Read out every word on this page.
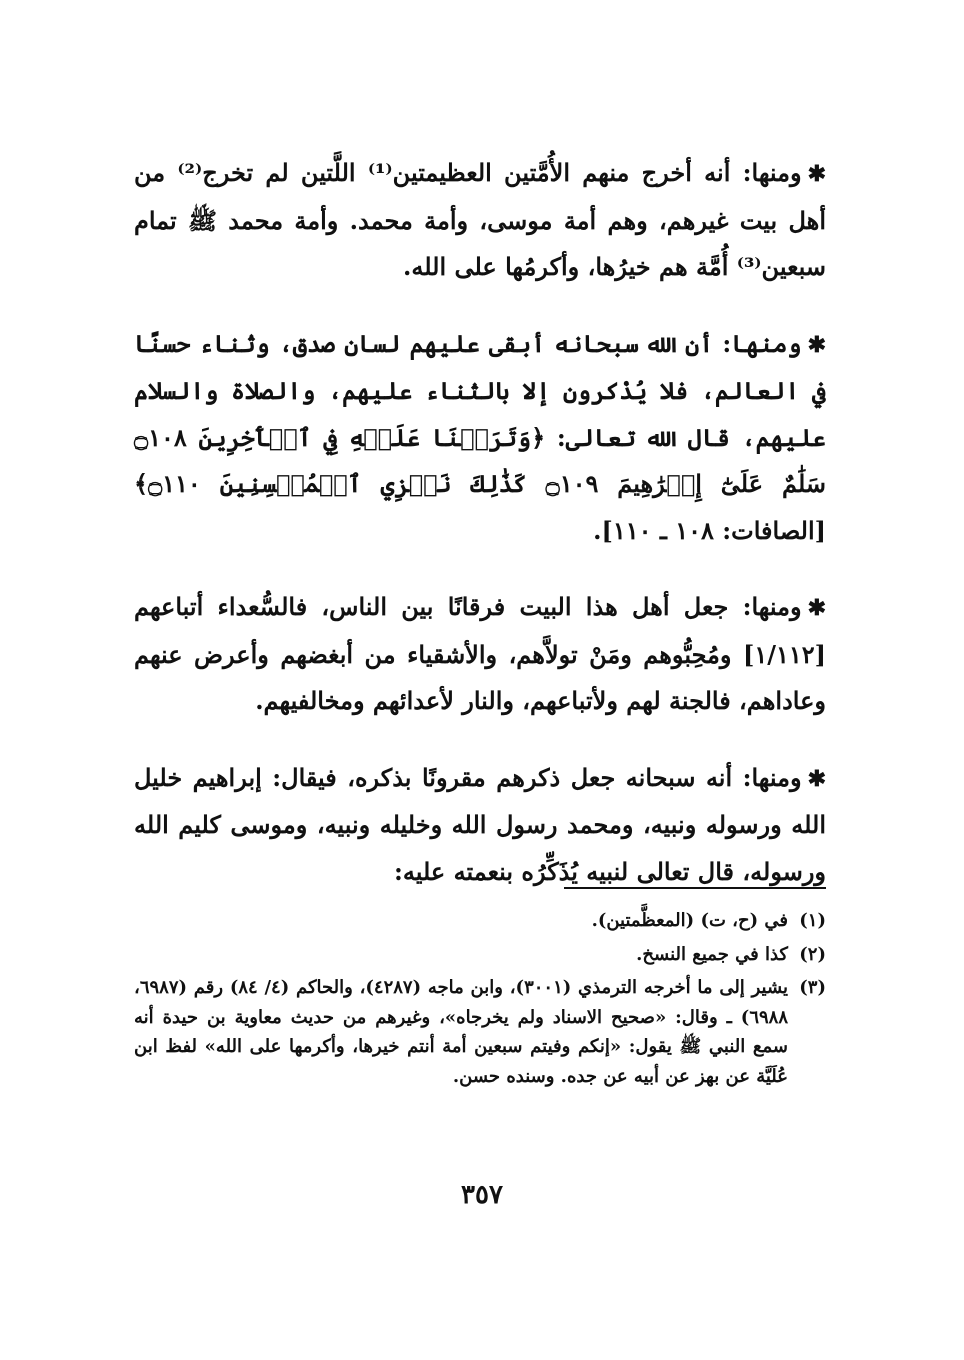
✱ومنها: أنه أخرج منهم الأُمَّتين العظيمتين⁽¹⁾ اللَّتين لم تخرج⁽²⁾ من أهل بيت غيرهم، وهم أمة موسى، وأمة محمد. وأمة محمد ﷺ تمام سبعين⁽³⁾ أُمَّة هم خيرُها، وأكرمُها على الله.

✱ومنها: أن الله سبحانه أبقى عليهم لسان صدق، وثناء حسنًا في العالم، فلا يُذْكرون إلا بالثناء عليهم، والصلاة والسلام عليهم، قال الله تعالى: ﴿وَتَرَكۡنَا عَلَيۡهِ فِي ٱلۡأٓخِرِينَ ۝١٠٨ سَلَٰمٌ عَلَىٰٓ إِبۡرَٰهِيمَ ۝١٠٩ كَذَٰلِكَ نَجۡزِي ٱلۡمُحۡسِنِينَ ۝١١٠﴾ [الصافات: ١٠٨ ـ ١١٠].

✱ومنها: جعل أهل هذا البيت فرقانًا بين الناس، فالسُّعداء أتباعهم [١/١١٢] ومُحِبُّوهم ومَنْ تولاَّهم، والأشقياء من أبغضهم وأعرض عنهم وعاداهم، فالجنة لهم ولأتباعهم، والنار لأعدائهم ومخالفيهم.

✱ومنها: أنه سبحانه جعل ذكرهم مقرونًا بذكره، فيقال: إبراهيم خليل الله ورسوله ونبيه، ومحمد رسول الله وخليله ونبيه، وموسى كليم الله ورسوله، قال تعالى لنبيه يُذَكِّرُه بنعمته عليه:

(١)
في (ح، ت) (المعظَّمتين).
(٢)
كذا في جميع النسخ.
(٣)
يشير إلى ما أخرجه الترمذي (٣٠٠١)، وابن ماجه (٤٢٨٧)، والحاكم (٤/ ٨٤) رقم (٦٩٨٧، ٦٩٨٨) ـ وقال: «صحيح الاسناد ولم يخرجاه»، وغيرهم من حديث معاوية بن حيدة أنه سمع النبي ﷺ يقول: «إنكم وفيتم سبعين أمة أنتم خيرها، وأكرمها على الله» لفظ ابن عُلَيَّة عن بهز عن أبيه عن جده. وسنده حسن.
٣٥٧
